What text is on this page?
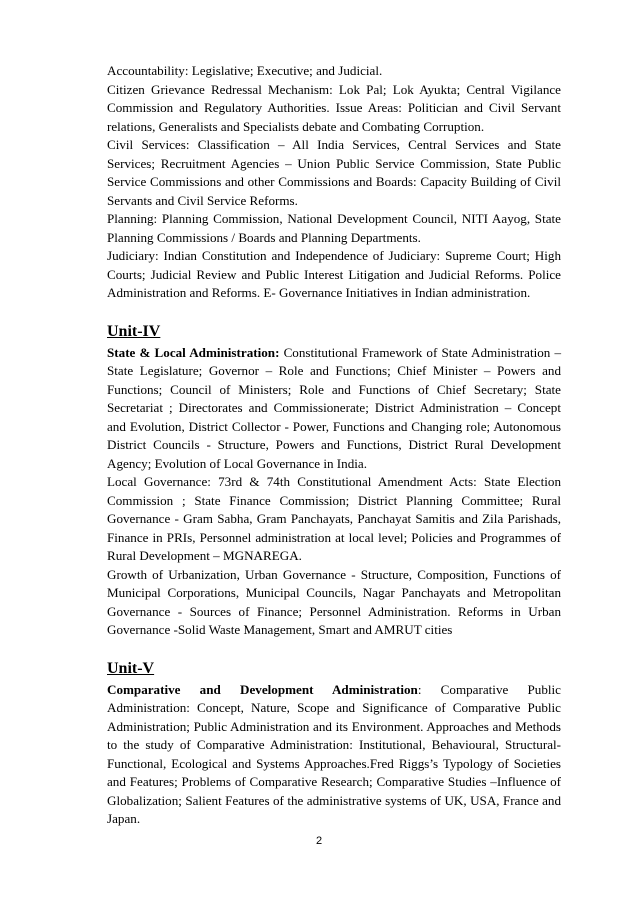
Accountability: Legislative; Executive; and Judicial.

Citizen Grievance Redressal Mechanism: Lok Pal; Lok Ayukta; Central Vigilance Commission and Regulatory Authorities. Issue Areas: Politician and Civil Servant relations, Generalists and Specialists debate and Combating Corruption.

Civil Services: Classification – All India Services, Central Services and State Services; Recruitment Agencies – Union Public Service Commission, State Public Service Commissions and other Commissions and Boards: Capacity Building of Civil Servants and Civil Service Reforms.

Planning: Planning Commission, National Development Council, NITI Aayog, State Planning Commissions / Boards and Planning Departments.

Judiciary: Indian Constitution and Independence of Judiciary: Supreme Court; High Courts; Judicial Review and Public Interest Litigation and Judicial Reforms. Police Administration and Reforms. E- Governance Initiatives in Indian administration.

Unit-IV

State & Local Administration: Constitutional Framework of State Administration – State Legislature; Governor – Role and Functions; Chief Minister – Powers and Functions; Council of Ministers; Role and Functions of Chief Secretary; State Secretariat ; Directorates and Commissionerate; District Administration – Concept and Evolution, District Collector - Power, Functions and Changing role; Autonomous District Councils - Structure, Powers and Functions, District Rural Development Agency; Evolution of Local Governance in India.

Local Governance: 73rd & 74th Constitutional Amendment Acts: State Election Commission ; State Finance Commission; District Planning Committee; Rural Governance - Gram Sabha, Gram Panchayats, Panchayat Samitis and Zila Parishads, Finance in PRIs, Personnel administration at local level; Policies and Programmes of Rural Development – MGNAREGA.

Growth of Urbanization, Urban Governance - Structure, Composition, Functions of Municipal Corporations, Municipal Councils, Nagar Panchayats and Metropolitan Governance - Sources of Finance; Personnel Administration. Reforms in Urban Governance -Solid Waste Management, Smart and AMRUT cities

Unit-V

Comparative and Development Administration: Comparative Public Administration: Concept, Nature, Scope and Significance of Comparative Public Administration; Public Administration and its Environment. Approaches and Methods to the study of Comparative Administration: Institutional, Behavioural, Structural-Functional, Ecological and Systems Approaches.Fred Riggs’s Typology of Societies and Features; Problems of Comparative Research; Comparative Studies –Influence of Globalization; Salient Features of the administrative systems of UK, USA, France and Japan.

2
